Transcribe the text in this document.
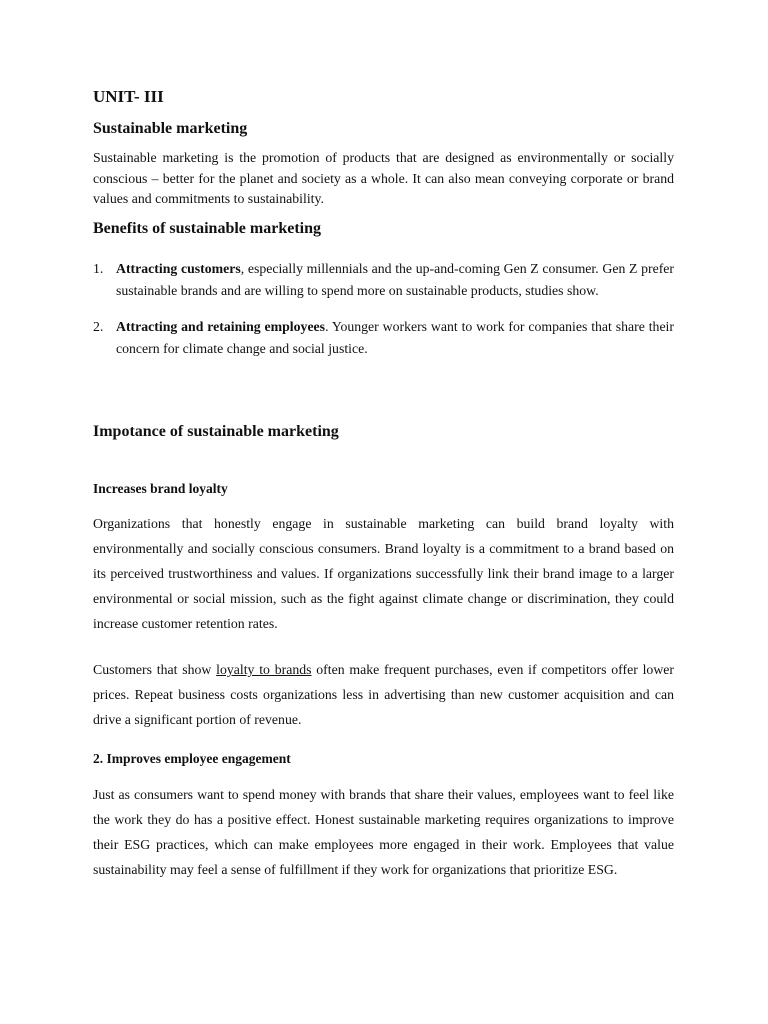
UNIT- III
Sustainable marketing

Sustainable marketing is the promotion of products that are designed as environmentally or socially conscious – better for the planet and society as a whole. It can also mean conveying corporate or brand values and commitments to sustainability.

Benefits of sustainable marketing
1. Attracting customers, especially millennials and the up-and-coming Gen Z consumer. Gen Z prefer sustainable brands and are willing to spend more on sustainable products, studies show.
2. Attracting and retaining employees. Younger workers want to work for companies that share their concern for climate change and social justice.
Impotance of sustainable marketing
Increases brand loyalty

Organizations that honestly engage in sustainable marketing can build brand loyalty with environmentally and socially conscious consumers. Brand loyalty is a commitment to a brand based on its perceived trustworthiness and values. If organizations successfully link their brand image to a larger environmental or social mission, such as the fight against climate change or discrimination, they could increase customer retention rates.

Customers that show loyalty to brands often make frequent purchases, even if competitors offer lower prices. Repeat business costs organizations less in advertising than new customer acquisition and can drive a significant portion of revenue.

2. Improves employee engagement

Just as consumers want to spend money with brands that share their values, employees want to feel like the work they do has a positive effect. Honest sustainable marketing requires organizations to improve their ESG practices, which can make employees more engaged in their work. Employees that value sustainability may feel a sense of fulfillment if they work for organizations that prioritize ESG.
